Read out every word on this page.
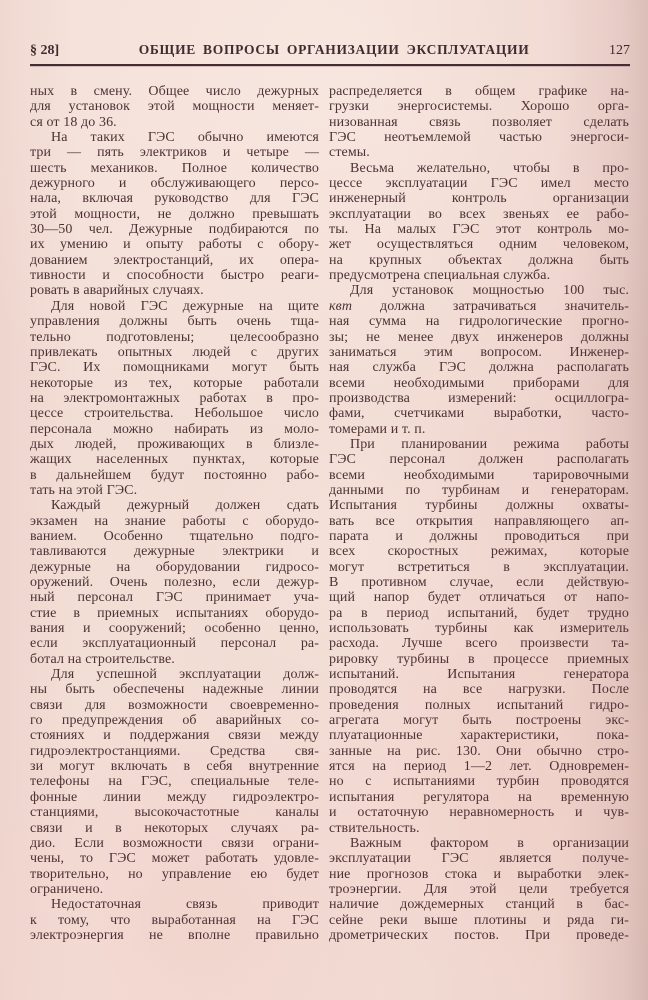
§ 28]	ОБЩИЕ ВОПРОСЫ ОРГАНИЗАЦИИ ЭКСПЛУАТАЦИИ	127
ных в смену. Общее число дежурных
для установок этой мощности меняет-
ся от 18 до 36.
На таких ГЭС обычно имеются
три — пять электриков и четыре —
шесть механиков. Полное количество
дежурного и обслуживающего персо-
нала, включая руководство для ГЭС
этой мощности, не должно превышать
30—50 чел. Дежурные подбираются по
их умению и опыту работы с обору-
дованием электростанций, их опера-
тивности и способности быстро реаги-
ровать в аварийных случаях.
Для новой ГЭС дежурные на щите
управления должны быть очень тща-
тельно	подготовлены;	целесообразно
привлекать опытных людей с других
ГЭС. Их помощниками могут быть
некоторые из тех, которые работали
на электромонтажных работах в про-
цессе строительства. Небольшое число
персонала можно набирать из моло-
дых людей, проживающих в близле-
жащих населенных пунктах, которые
в дальнейшем будут постоянно рабо-
тать на этой ГЭС.
Каждый дежурный должен сдать
экзамен на знание работы с оборудо-
ванием. Особенно тщательно подго-
тавливаются дежурные электрики и
дежурные на оборудовании гидросо-
оружений. Очень полезно, если дежур-
ный персонал ГЭС принимает уча-
стие в приемных испытаниях оборудо-
вания и сооружений; особенно ценно,
если эксплуатационный персонал ра-
ботал на строительстве.
Для успешной эксплуатации долж-
ны быть обеспечены надежные линии
связи для возможности своевременно-
го предупреждения об аварийных со-
стояниях и поддержания связи между
гидроэлектростанциями. Средства свя-
зи могут включать в себя внутренние
телефоны на ГЭС, специальные теле-
фонные линии между гидроэлектро-
станциями,	высокочастотные	каналы
связи и в некоторых случаях ра-
дио. Если возможности связи ограни-
чены, то ГЭС может работать удовле-
творительно, но управление ею будет
ограничено.
Недостаточная	связь	приводит
к тому, что выработанная на ГЭС
электроэнергия не вполне правильно
распределяется в общем графике на-
грузки энергосистемы. Хорошо орга-
низованная связь позволяет сделать
ГЭС неотъемлемой частью энергоси-
стемы.
Весьма желательно, чтобы в про-
цессе эксплуатации ГЭС имел место
инженерный	контроль	организации
эксплуатации во всех звеньях ее рабо-
ты. На малых ГЭС этот контроль мо-
жет осуществляться одним человеком,
на крупных объектах должна быть
предусмотрена специальная служба.
Для установок мощностью 100 тыс.
квт должна затрачиваться значитель-
ная сумма на гидрологические прогно-
зы; не менее двух инженеров должны
заниматься этим вопросом. Инженер-
ная служба ГЭС должна располагать
всеми необходимыми приборами для
производства	измерений:	осциллогра-
фами, счетчиками выработки, часто-
томерами и т. п.
При планировании режима работы
ГЭС персонал должен располагать
всеми	необходимыми	тарировочными
данными по турбинам и генераторам.
Испытания турбины должны охваты-
вать все открытия направляющего ап-
парата и должны проводиться при
всех скоростных режимах, которые
могут встретиться в эксплуатации.
В противном случае, если действую-
щий напор будет отличаться от напо-
ра в период испытаний, будет трудно
использовать турбины как измеритель
расхода. Лучше всего произвести та-
рировку турбины в процессе приемных
испытаний.	Испытания	генератора
проводятся на все нагрузки. После
проведения полных испытаний гидро-
агрегата могут быть построены экс-
плуатационные	характеристики,	пока-
занные на рис. 130. Они обычно стро-
ятся на период 1—2 лет. Одновремен-
но с испытаниями турбин проводятся
испытания регулятора на временную
и остаточную неравномерность и чув-
ствительность.
Важным фактором в организации
эксплуатации ГЭС является получе-
ние прогнозов стока и выработки элек-
троэнергии. Для этой цели требуется
наличие дождемерных станций в бас-
сейне реки выше плотины и ряда ги-
дрометрических постов. При проведе-
